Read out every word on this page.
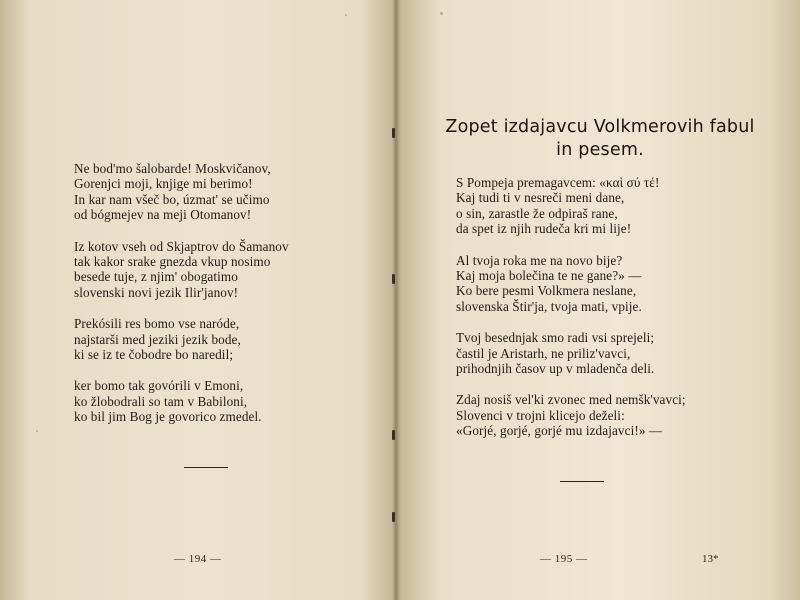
Ne bod'mo šalobarde! Moskvičanov,
Gorenjci moji, knjige mi berimo!
In kar nam všeč bo, úzmat' se učimo
od bógmejev na meji Otomanov!
Iz kotov vseh od Skjaptrov do Šamanov
tak kakor srake gnezda vkup nosimo
besede tuje, z njim' obogatimo
slovenski novi jezik Ilir'janov!
Prekósili res bomo vse naróde,
najstarši med jeziki jezik bode,
ki se iz te čobodre bo naredil;
ker bomo tak govórili v Emoni,
ko žlobodrali so tam v Babiloni,
ko bil jim Bog je govorico zmedel.
— 194 —
Zopet izdajavcu Volkmerovih fabul
in pesem.
S Pompeja premagavcem: «καὶ σύ τέ!
Kaj tudi ti v nesreči meni dane,
o sin, zarastle že odpiraš rane,
da spet iz njih rudeča kri mi lije!
Al tvoja roka me na novo bije?
Kaj moja bolečina te ne gane?» —
Ko bere pesmi Volkmera neslane,
slovenska Štir'ja, tvoja mati, vpije.
Tvoj besednjak smo radi vsi sprejeli;
častil je Aristarh, ne priliz'vavci,
prihodnjih časov up v mladenča deli.
Zdaj nosiš vel'ki zvonec med nemšk'vavci;
Slovenci v trojni klicejo deželi:
«Gorjé, gorjé, gorjé mu izdajavci!» —
— 195 —	13*
